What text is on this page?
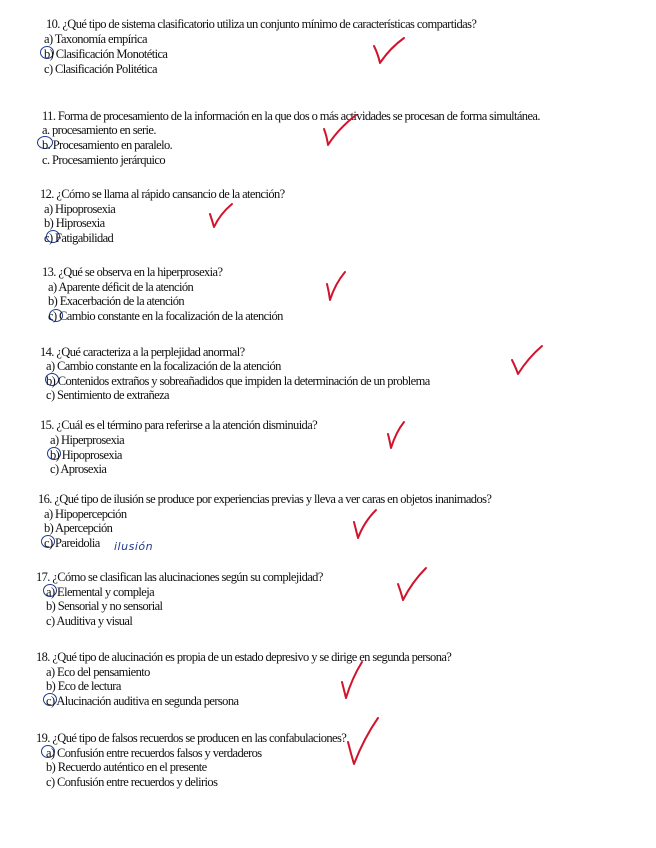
10. ¿Qué tipo de sistema clasificatorio utiliza un conjunto mínimo de características compartidas?
a) Taxonomía empírica
b) Clasificación Monotética
c) Clasificación Politética
11. Forma de procesamiento de la información en la que dos o más actividades se procesan de forma simultánea.
a. procesamiento en serie.
b. Procesamiento en paralelo.
c. Procesamiento jerárquico
12. ¿Cómo se llama al rápido cansancio de la atención?
a) Hipoprosexia
b) Hiprosexia
c) Fatigabilidad
13. ¿Qué se observa en la hiperprosexia?
a) Aparente déficit de la atención
b) Exacerbación de la atención
c) Cambio constante en la focalización de la atención
14. ¿Qué caracteriza a la perplejidad anormal?
a) Cambio constante en la focalización de la atención
b) Contenidos extraños y sobreañadidos que impiden la determinación de un problema
c) Sentimiento de extrañeza
15. ¿Cuál es el término para referirse a la atención disminuida?
a) Hiperprosexia
b) Hipoprosexia
c) Aprosexia
16. ¿Qué tipo de ilusión se produce por experiencias previas y lleva a ver caras en objetos inanimados?
a) Hipopercepción
b) Apercepción
c) Pareidolia ilusión
17. ¿Cómo se clasifican las alucinaciones según su complejidad?
a) Elemental y compleja
b) Sensorial y no sensorial
c) Auditiva y visual
18. ¿Qué tipo de alucinación es propia de un estado depresivo y se dirige en segunda persona?
a) Eco del pensamiento
b) Eco de lectura
c) Alucinación auditiva en segunda persona
19. ¿Qué tipo de falsos recuerdos se producen en las confabulaciones?
a) Confusión entre recuerdos falsos y verdaderos
b) Recuerdo auténtico en el presente
c) Confusión entre recuerdos y delirios
